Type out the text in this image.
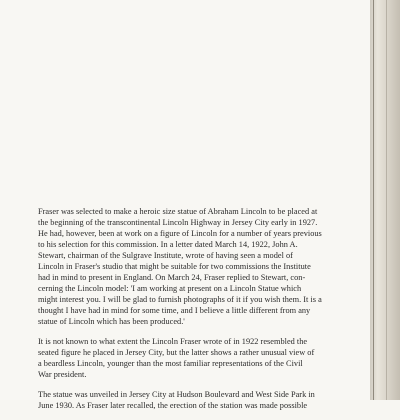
Fraser was selected to make a heroic size statue of Abraham Lincoln to be placed at
the beginning of the transcontinental Lincoln Highway in Jersey City early in 1927.
He had, however, been at work on a figure of Lincoln for a number of years previous
to his selection for this commission. In a letter dated March 14, 1922, John A.
Stewart, chairman of the Sulgrave Institute, wrote of having seen a model of
Lincoln in Fraser's studio that might be suitable for two commissions the Institute
had in mind to present in England. On March 24, Fraser replied to Stewart, con-
cerning the Lincoln model: 'I am working at present on a Lincoln Statue which
might interest you. I will be glad to furnish photographs of it if you wish them. It is a
thought I have had in mind for some time, and I believe a little different from any
statue of Lincoln which has been produced.'

It is not known to what extent the Lincoln Fraser wrote of in 1922 resembled the
seated figure he placed in Jersey City, but the latter shows a rather unusual view of
a beardless Lincoln, younger than the most familiar representations of the Civil
War president.

The statue was unveiled in Jersey City at Hudson Boulevard and West Side Park in
June 1930. As Fraser later recalled, the erection of the station was made possible
